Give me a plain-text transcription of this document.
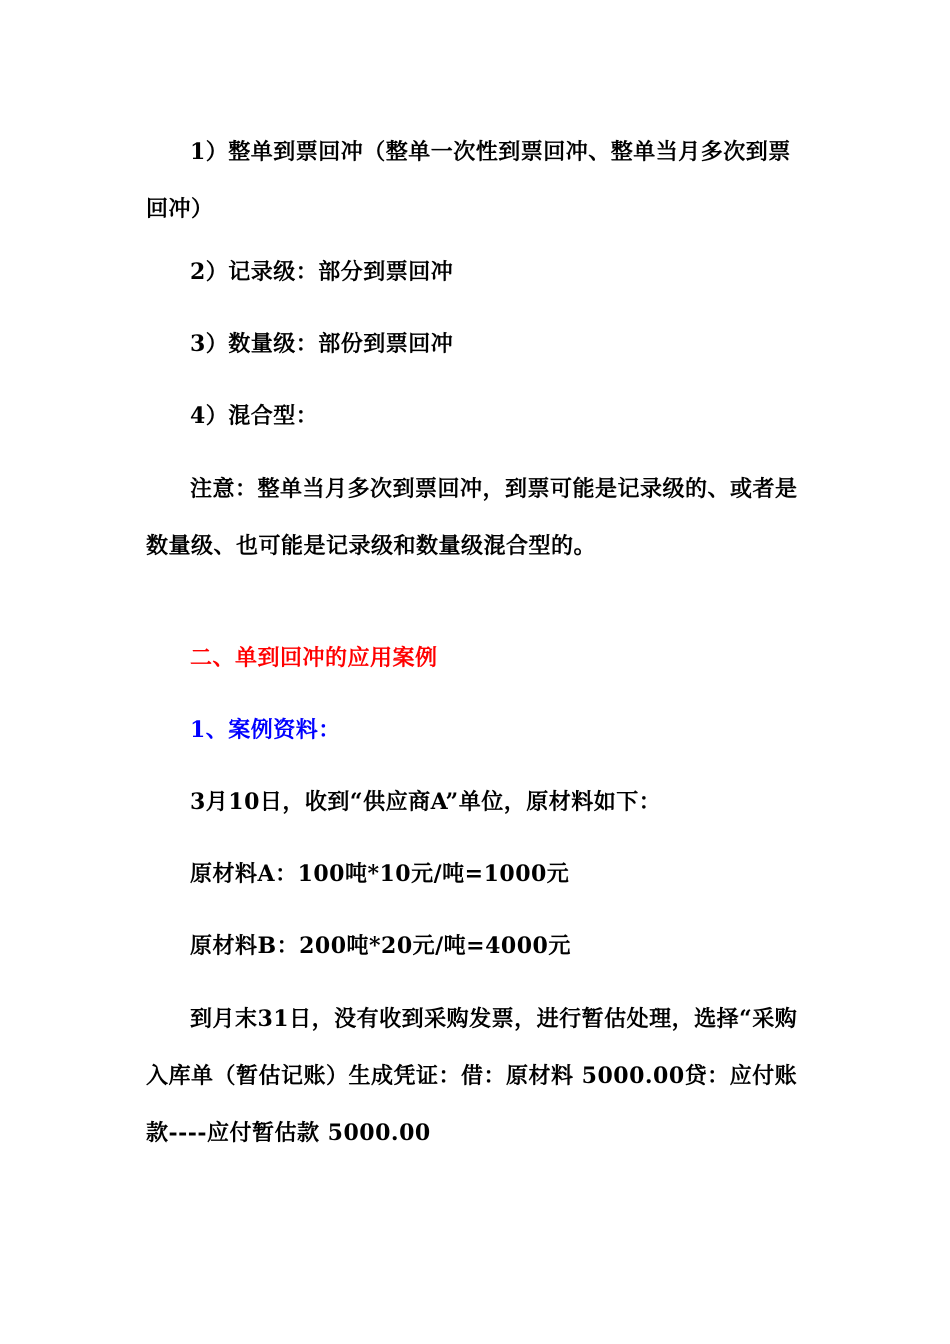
1）整单到票回冲（整单一次性到票回冲、整单当月多次到票回冲）

2）记录级：部分到票回冲

3）数量级：部份到票回冲

4）混合型：

注意：整单当月多次到票回冲，到票可能是记录级的、或者是数量级、也可能是记录级和数量级混合型的。

二、单到回冲的应用案例

1、案例资料：

3月10日，收到“供应商A”单位，原材料如下：

原材料A：100吨*10元/吨=1000元

原材料B：200吨*20元/吨=4000元

到月末31日，没有收到采购发票，进行暂估处理，选择“采购入库单（暂估记账）生成凭证：借：原材料 5000.00贷：应付账款----应付暂估款 5000.00
